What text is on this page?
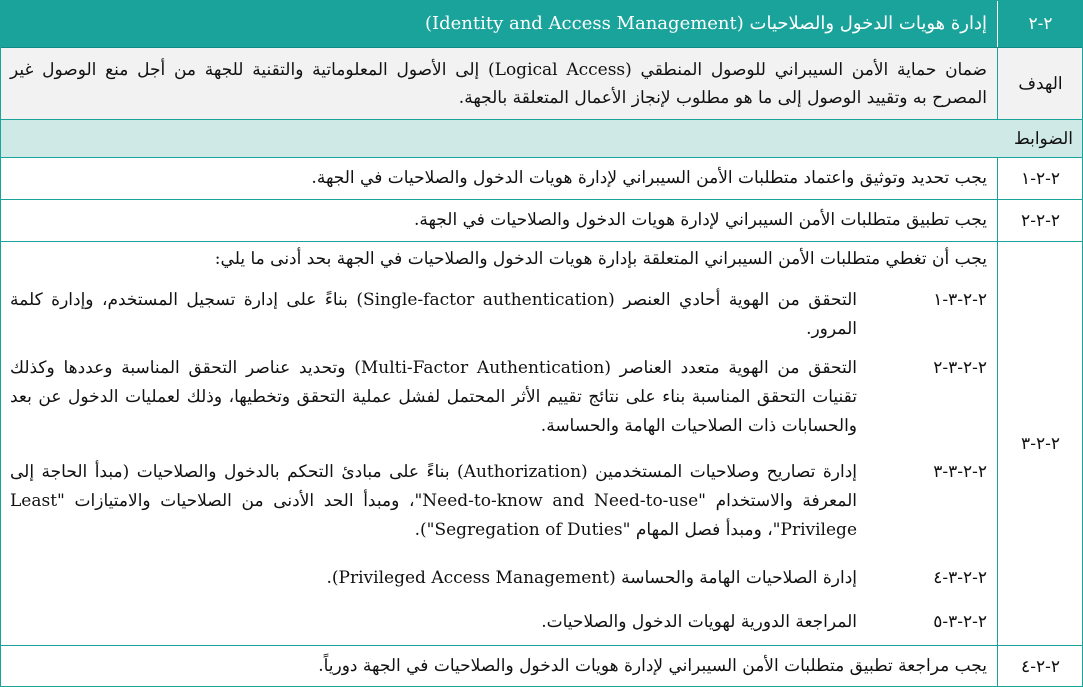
٢-٢
إدارة هويات الدخول والصلاحيات (Identity and Access Management)
الهدف
ضمان حماية الأمن السيبراني للوصول المنطقي (Logical Access) إلى الأصول المعلوماتية والتقنية للجهة من أجل منع الوصول غير المصرح به وتقييد الوصول إلى ما هو مطلوب لإنجاز الأعمال المتعلقة بالجهة.
الضوابط
٢-٢-١
يجب تحديد وتوثيق واعتماد متطلبات الأمن السيبراني لإدارة هويات الدخول والصلاحيات في الجهة.
٢-٢-٢
يجب تطبيق متطلبات الأمن السيبراني لإدارة هويات الدخول والصلاحيات في الجهة.
٢-٢-٣
يجب أن تغطي متطلبات الأمن السيبراني المتعلقة بإدارة هويات الدخول والصلاحيات في الجهة بحد أدنى ما يلي:
٢-٢-٣-١
التحقق من الهوية أحادي العنصر (Single-factor authentication) بناءً على إدارة تسجيل المستخدم، وإدارة كلمة المرور.
٢-٢-٣-٢
التحقق من الهوية متعدد العناصر (Multi-Factor Authentication) وتحديد عناصر التحقق المناسبة وعددها وكذلك تقنيات التحقق المناسبة بناء على نتائج تقييم الأثر المحتمل لفشل عملية التحقق وتخطيها، وذلك لعمليات الدخول عن بعد والحسابات ذات الصلاحيات الهامة والحساسة.
٢-٢-٣-٣
إدارة تصاريح وصلاحيات المستخدمين (Authorization) بناءً على مبادئ التحكم بالدخول والصلاحيات (مبدأ الحاجة إلى المعرفة والاستخدام "Need-to-know and Need-to-use"، ومبدأ الحد الأدنى من الصلاحيات والامتيازات "Least Privilege"، ومبدأ فصل المهام "Segregation of Duties").
٢-٢-٣-٤
إدارة الصلاحيات الهامة والحساسة (Privileged Access Management).
٢-٢-٣-٥
المراجعة الدورية لهويات الدخول والصلاحيات.
٢-٢-٤
يجب مراجعة تطبيق متطلبات الأمن السيبراني لإدارة هويات الدخول والصلاحيات في الجهة دورياً.
